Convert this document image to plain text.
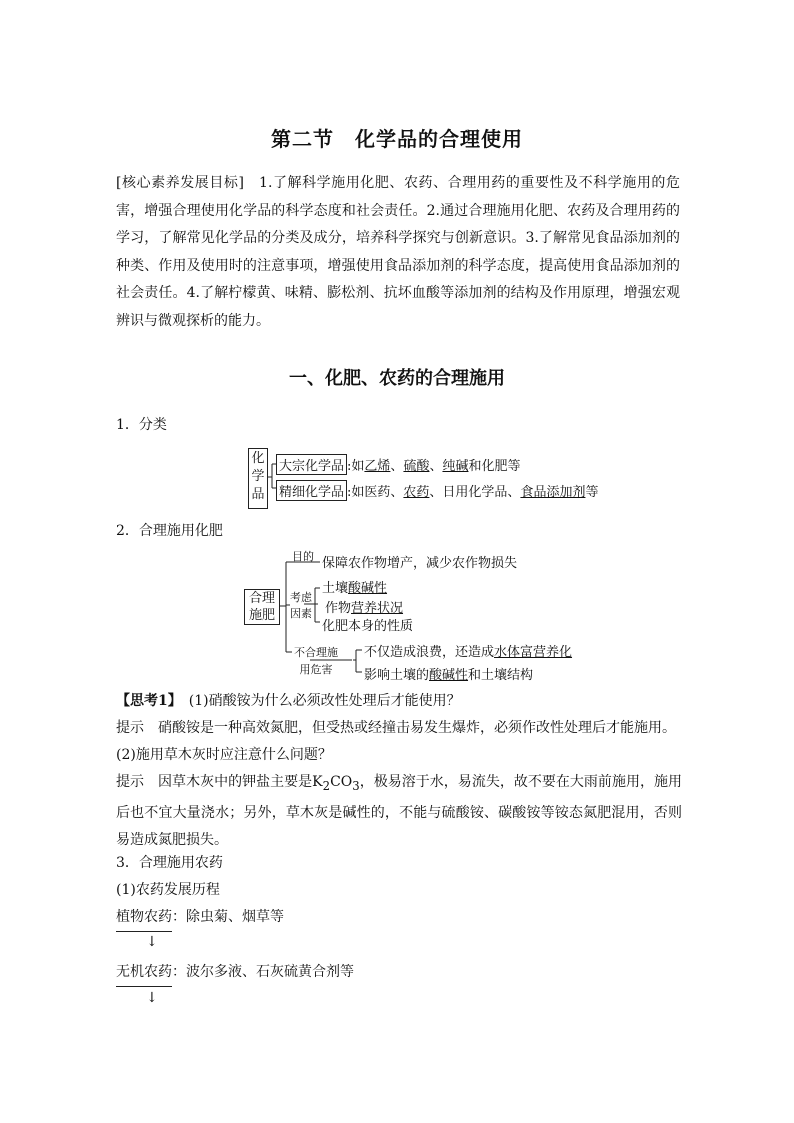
第二节　化学品的合理使用
[核心素养发展目标]　1.了解科学施用化肥、农药、合理用药的重要性及不科学施用的危害，增强合理使用化学品的科学态度和社会责任。2.通过合理施用化肥、农药及合理用药的学习，了解常见化学品的分类及成分，培养科学探究与创新意识。3.了解常见食品添加剂的种类、作用及使用时的注意事项，增强使用食品添加剂的科学态度，提高使用食品添加剂的社会责任。4.了解柠檬黄、味精、膨松剂、抗坏血酸等添加剂的结构及作用原理，增强宏观辨识与微观探析的能力。
一、化肥、农药的合理施用
1．分类
化
学
品
大宗化学品 :如乙烯、硫酸、纯碱和化肥等
精细化学品 :如医药、农药、日用化学品、食品添加剂等
2．合理施用化肥
合理
施肥
目的 保障农作物增产，减少农作物损失
考虑
因素
土壤酸碱性
作物营养状况
化肥本身的性质
不合理施
用危害
不仅造成浪费，还造成水体富营养化
影响土壤的酸碱性和土壤结构
【思考1】　(1)硝酸铵为什么必须改性处理后才能使用？
提示　硝酸铵是一种高效氮肥，但受热或经撞击易发生爆炸，必须作改性处理后才能施用。
(2)施用草木灰时应注意什么问题？
提示　因草木灰中的钾盐主要是$K_2CO_3$，极易溶于水，易流失，故不要在大雨前施用，施用后也不宜大量浇水；另外，草木灰是碱性的，不能与硫酸铵、碳酸铵等铵态氮肥混用，否则易造成氮肥损失。
3．合理施用农药
(1)农药发展历程
植物农药：除虫菊、烟草等
↓
无机农药：波尔多液、石灰硫黄合剂等
↓
